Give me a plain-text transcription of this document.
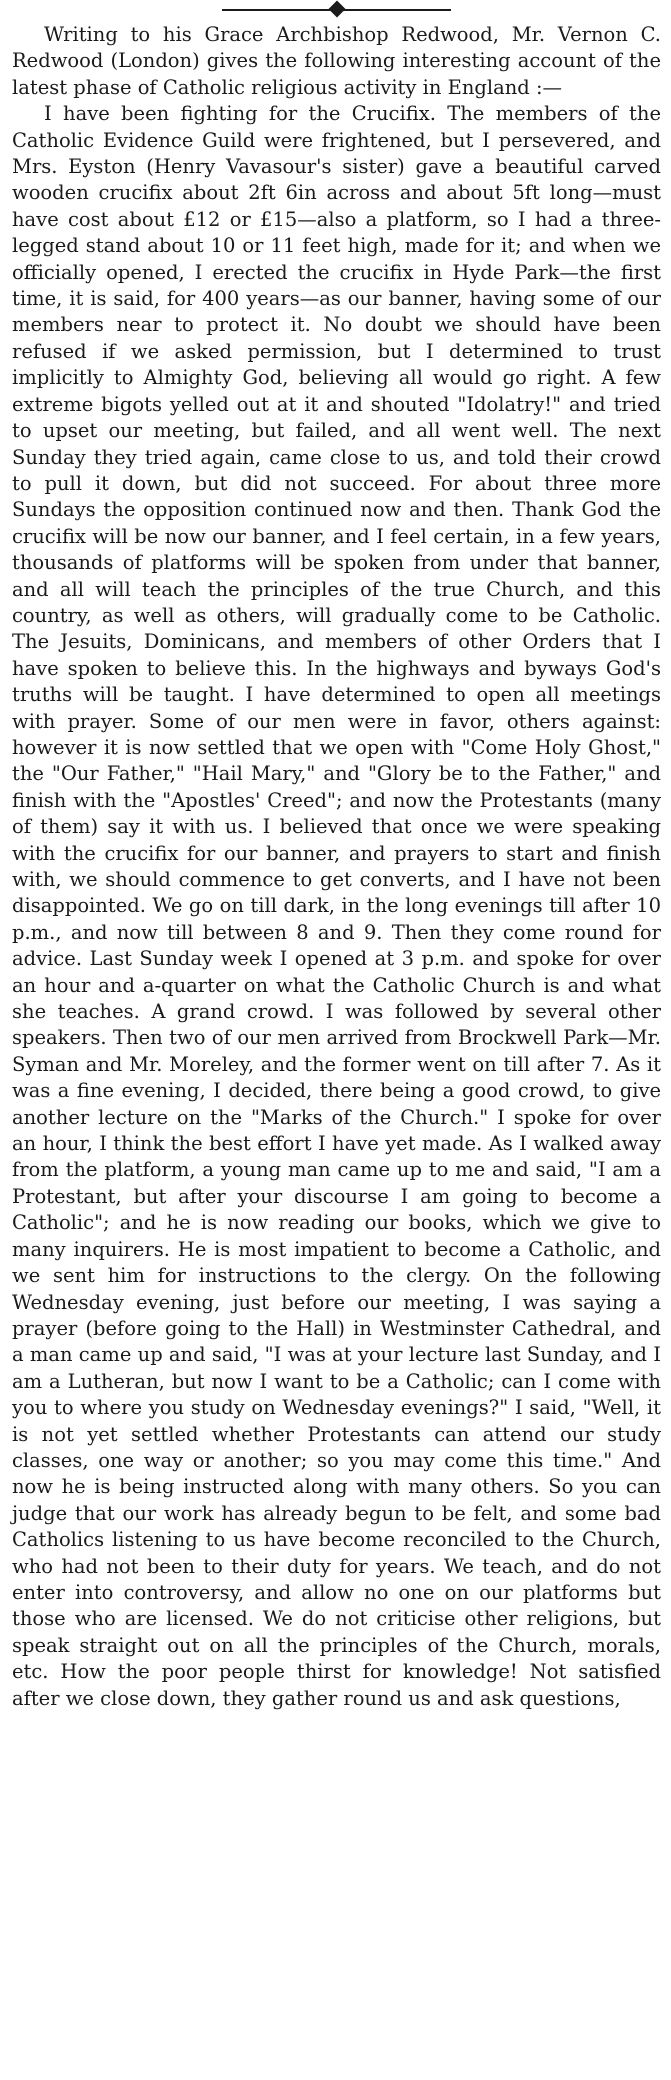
Writing to his Grace Archbishop Redwood, Mr. Vernon C. Redwood (London) gives the following interesting account of the latest phase of Catholic religious activity in England :—

I have been fighting for the Crucifix. The members of the Catholic Evidence Guild were frightened, but I persevered, and Mrs. Eyston (Henry Vavasour's sister) gave a beautiful carved wooden crucifix about 2ft 6in across and about 5ft long—must have cost about £12 or £15—also a platform, so I had a three-legged stand about 10 or 11 feet high, made for it; and when we officially opened, I erected the crucifix in Hyde Park—the first time, it is said, for 400 years—as our banner, having some of our members near to protect it. No doubt we should have been refused if we asked permission, but I determined to trust implicitly to Almighty God, believing all would go right. A few extreme bigots yelled out at it and shouted "Idolatry!" and tried to upset our meeting, but failed, and all went well. The next Sunday they tried again, came close to us, and told their crowd to pull it down, but did not succeed. For about three more Sundays the opposition continued now and then. Thank God the crucifix will be now our banner, and I feel certain, in a few years, thousands of platforms will be spoken from under that banner, and all will teach the principles of the true Church, and this country, as well as others, will gradually come to be Catholic. The Jesuits, Dominicans, and members of other Orders that I have spoken to believe this. In the highways and byways God's truths will be taught. I have determined to open all meetings with prayer. Some of our men were in favor, others against: however it is now settled that we open with "Come Holy Ghost," the "Our Father," "Hail Mary," and "Glory be to the Father," and finish with the "Apostles' Creed"; and now the Protestants (many of them) say it with us. I believed that once we were speaking with the crucifix for our banner, and prayers to start and finish with, we should commence to get converts, and I have not been disappointed. We go on till dark, in the long evenings till after 10 p.m., and now till between 8 and 9. Then they come round for advice. Last Sunday week I opened at 3 p.m. and spoke for over an hour and a-quarter on what the Catholic Church is and what she teaches. A grand crowd. I was followed by several other speakers. Then two of our men arrived from Brockwell Park—Mr. Syman and Mr. Moreley, and the former went on till after 7. As it was a fine evening, I decided, there being a good crowd, to give another lecture on the "Marks of the Church." I spoke for over an hour, I think the best effort I have yet made. As I walked away from the platform, a young man came up to me and said, "I am a Protestant, but after your discourse I am going to become a Catholic"; and he is now reading our books, which we give to many inquirers. He is most impatient to become a Catholic, and we sent him for instructions to the clergy. On the following Wednesday evening, just before our meeting, I was saying a prayer (before going to the Hall) in Westminster Cathedral, and a man came up and said, "I was at your lecture last Sunday, and I am a Lutheran, but now I want to be a Catholic; can I come with you to where you study on Wednesday evenings?" I said, "Well, it is not yet settled whether Protestants can attend our study classes, one way or another; so you may come this time." And now he is being instructed along with many others. So you can judge that our work has already begun to be felt, and some bad Catholics listening to us have become reconciled to the Church, who had not been to their duty for years. We teach, and do not enter into controversy, and allow no one on our platforms but those who are licensed. We do not criticise other religions, but speak straight out on all the principles of the Church, morals, etc. How the poor people thirst for knowledge! Not satisfied after we close down, they gather round us and ask questions,
